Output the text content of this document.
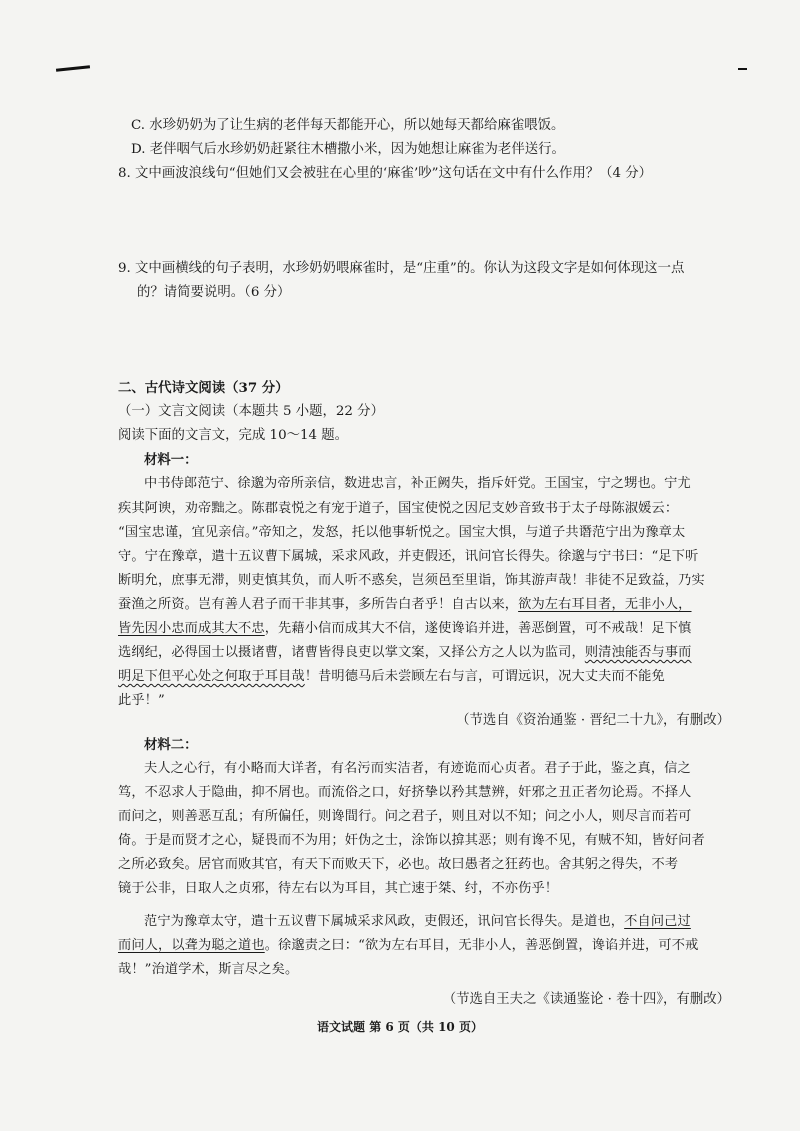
C. 水珍奶奶为了让生病的老伴每天都能开心，所以她每天都给麻雀喂饭。
D. 老伴咽气后水珍奶奶赶紧往木槽撒小米，因为她想让麻雀为老伴送行。
8. 文中画波浪线句“但她们又会被驻在心里的‘麻雀’吵”这句话在文中有什么作用？（4 分）
9. 文中画横线的句子表明，水珍奶奶喂麻雀时，是“庄重”的。你认为这段文字是如何体现这一点
的？请简要说明。（6 分）
二、古代诗文阅读（37 分）
（一）文言文阅读（本题共 5 小题，22 分）
阅读下面的文言文，完成 10～14 题。
材料一：
中书侍郎范宁、徐邈为帝所亲信，数进忠言，补正阙失，指斥奸党。王国宝，宁之甥也。宁尤
疾其阿谀，劝帝黜之。陈郡袁悦之有宠于道子，国宝使悦之因尼支妙音致书于太子母陈淑媛云：
“国宝忠谨，宜见亲信。”帝知之，发怒，托以他事斩悦之。国宝大惧，与道子共谮范宁出为豫章太
守。宁在豫章，遣十五议曹下属城，采求风政，并吏假还，讯问官长得失。徐邈与宁书曰：“足下听
断明允，庶事无滞，则吏慎其负，而人听不惑矣，岂须邑至里诣，饰其游声哉！非徒不足致益，乃实
蚕渔之所资。岂有善人君子而干非其事，多所告白者乎！自古以来，欲为左右耳目者，无非小人，
皆先因小忠而成其大不忠，先藉小信而成其大不信，遂使谗谄并进，善恶倒置，可不戒哉！足下慎
选纲纪，必得国士以摄诸曹，诸曹皆得良吏以掌文案，又择公方之人以为监司，则清浊能否与事而
明足下但平心处之何取于耳目哉！昔明德马后未尝顾左右与言，可谓远识，况大丈夫而不能免
此乎！”
（节选自《资治通鉴 · 晋纪二十九》，有删改）
材料二：
夫人之心行，有小略而大详者，有名污而实洁者，有迹诡而心贞者。君子于此，鉴之真，信之
笃，不忍求人于隐曲，抑不屑也。而流俗之口，好挤挚以矜其慧辨，奸邪之丑正者勿论焉。不择人
而问之，则善恶互乱；有所偏任，则谗間行。问之君子，则且对以不知；问之小人，则尽言而若可
倚。于是而贤才之心，疑畏而不为用；奸伪之士，涂饰以揜其恶；则有谗不见，有贼不知，皆好问者
之所必致矣。居官而败其官，有天下而败天下，必也。故曰愚者之狂药也。舍其躬之得失，不考
镜于公非，日取人之贞邪，待左右以为耳目，其亡速于桀、纣，不亦伤乎！
范宁为豫章太守，遣十五议曹下属城采求风政，吏假还，讯问官长得失。是道也，不自问己过
而问人，以聋为聪之道也。徐邈责之曰：“欲为左右耳目，无非小人，善恶倒置，谗谄并进，可不戒
哉！”治道学术，斯言尽之矣。
（节选自王夫之《读通鉴论 · 卷十四》，有删改）
语文试题 第 6 页（共 10 页）
